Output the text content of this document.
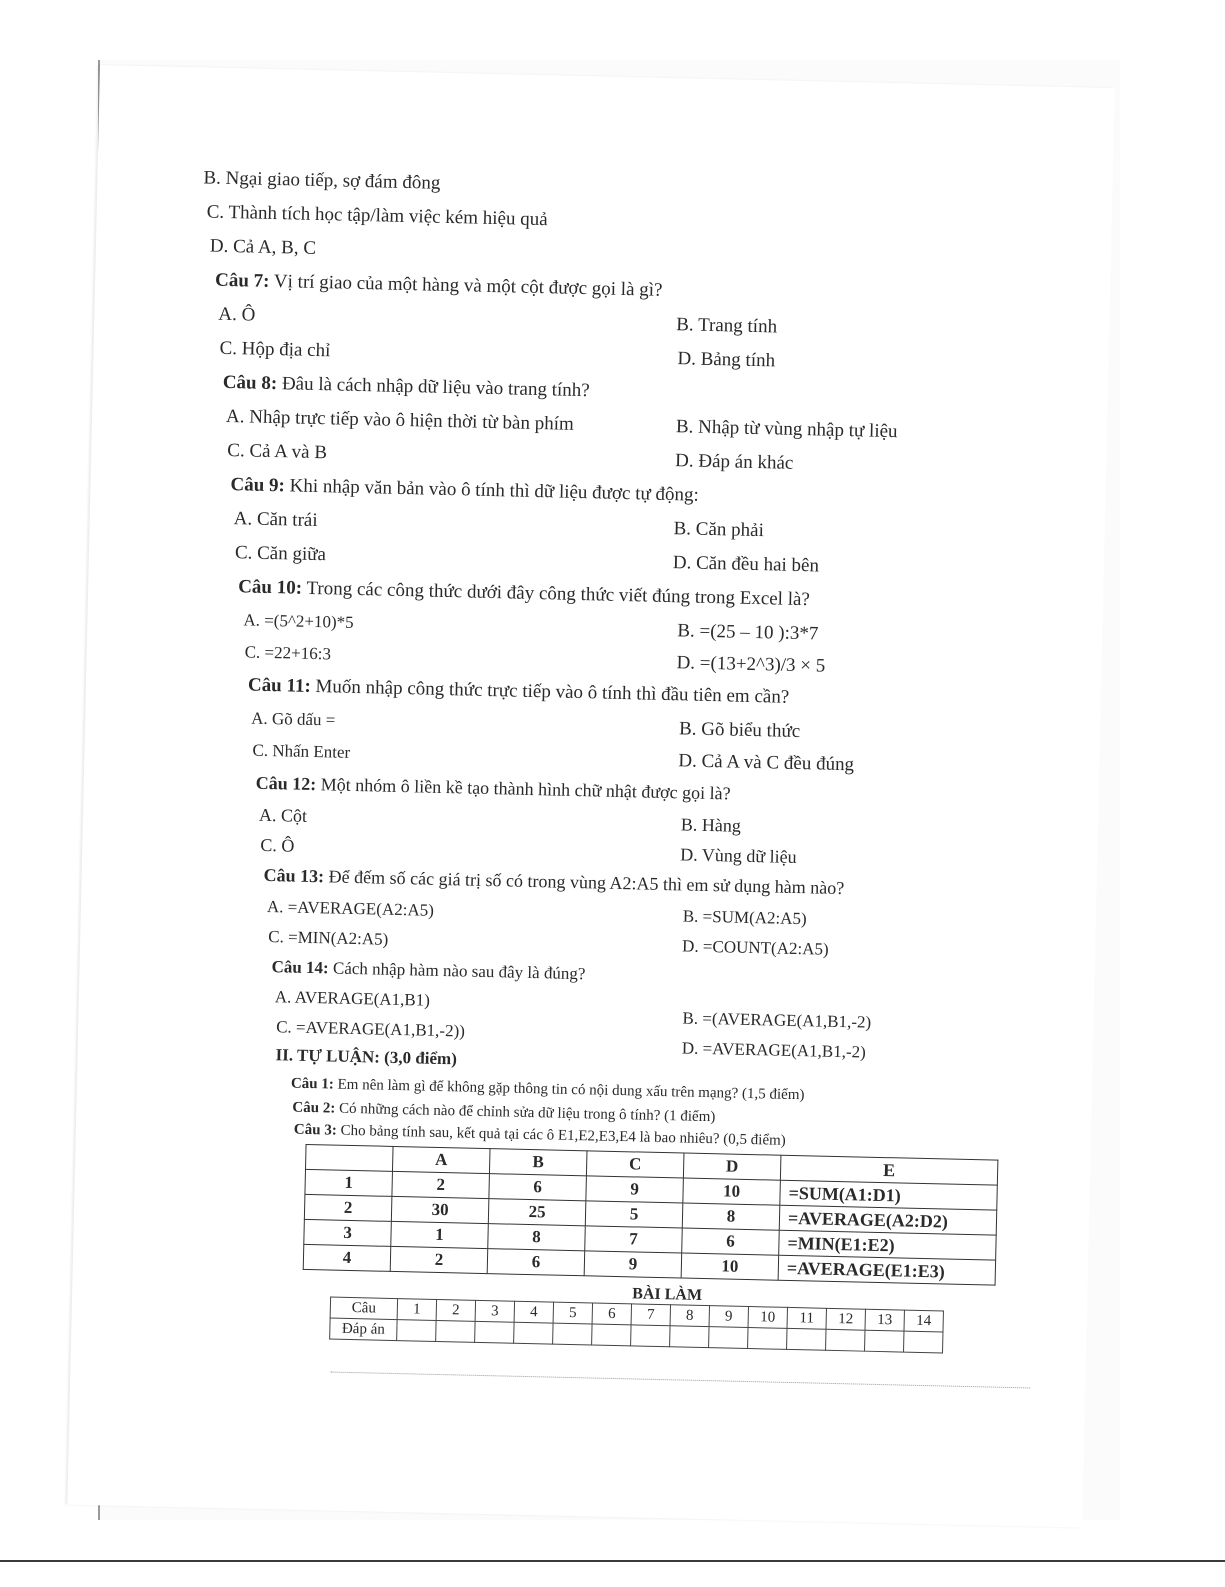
B. Ngại giao tiếp, sợ đám đông
C. Thành tích học tập/làm việc kém hiệu quả
D. Cả A, B, C
Câu 7: Vị trí giao của một hàng và một cột được gọi là gì?
A. Ô	B. Trang tính
C. Hộp địa chỉ	D. Bảng tính
Câu 8: Đâu là cách nhập dữ liệu vào trang tính?
A. Nhập trực tiếp vào ô hiện thời từ bàn phím	B. Nhập từ vùng nhập tự liệu
C. Cả A và B	D. Đáp án khác
Câu 9: Khi nhập văn bản vào ô tính thì dữ liệu được tự động:
A. Căn trái	B. Căn phải
C. Căn giữa	D. Căn đều hai bên
Câu 10: Trong các công thức dưới đây công thức viết đúng trong Excel là?
A. =(5^2+10)*5	B. =(25 – 10 ):3*7
C. =22+16:3	D. =(13+2^3)/3 × 5
Câu 11: Muốn nhập công thức trực tiếp vào ô tính thì đầu tiên em cần?
A. Gõ dấu =	B. Gõ biểu thức
C. Nhấn Enter	D. Cả A và C đều đúng
Câu 12: Một nhóm ô liền kề tạo thành hình chữ nhật được gọi là?
A. Cột	B. Hàng
C. Ô	D. Vùng dữ liệu
Câu 13: Để đếm số các giá trị số có trong vùng A2:A5 thì em sử dụng hàm nào?
A. =AVERAGE(A2:A5)	B. =SUM(A2:A5)
C. =MIN(A2:A5)	D. =COUNT(A2:A5)
Câu 14: Cách nhập hàm nào sau đây là đúng?
A. AVERAGE(A1,B1)
B. =(AVERAGE(A1,B1,-2)
C. =AVERAGE(A1,B1,-2))
D. =AVERAGE(A1,B1,-2)
II. TỰ LUẬN: (3,0 điểm)
Câu 1: Em nên làm gì để không gặp thông tin có nội dung xấu trên mạng? (1,5 điểm)
Câu 2: Có những cách nào để chỉnh sửa dữ liệu trong ô tính? (1 điểm)
Câu 3: Cho bảng tính sau, kết quả tại các ô E1,E2,E3,E4 là bao nhiêu? (0,5 điểm)
	A	B	C	D	E
1	2	6	9	10	=SUM(A1:D1)
2	30	25	5	8	=AVERAGE(A2:D2)
3	1	8	7	6	=MIN(E1:E2)
4	2	6	9	10	=AVERAGE(E1:E3)
BÀI LÀM
Câu	1	2	3	4	5	6	7	8	9	10	11	12	13	14
Đáp án														
